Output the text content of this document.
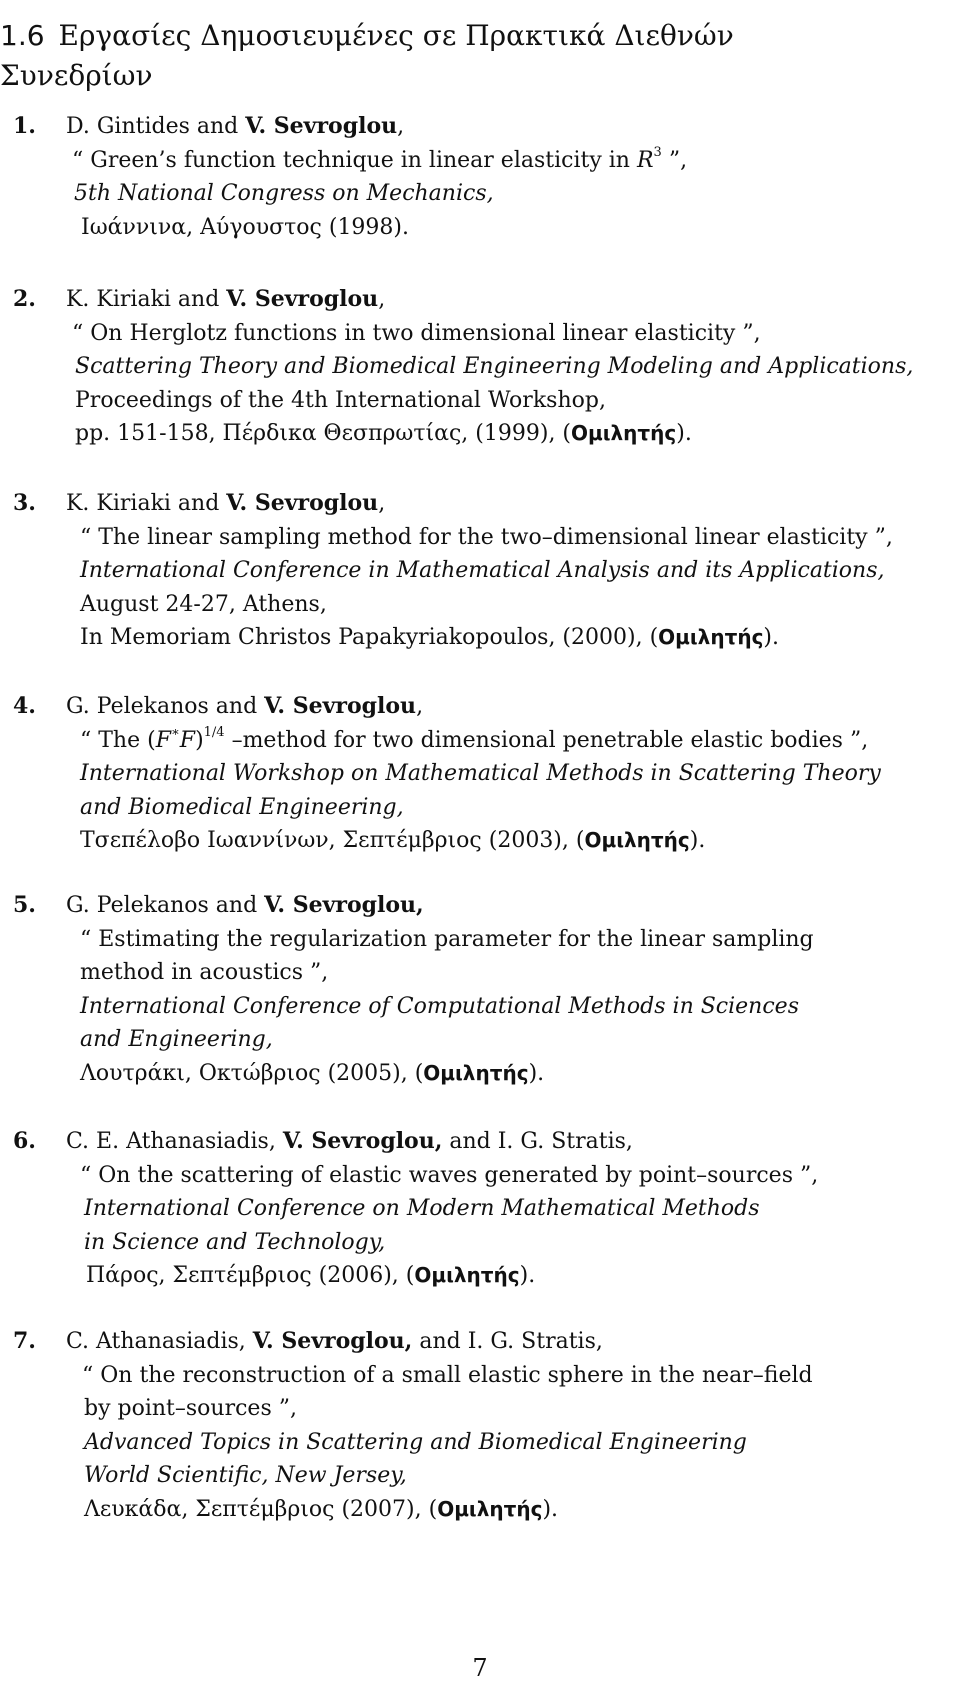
1.6 Εργασίες Δημοσιευμένες σε Πρακτικά Διεθνών
Συνεδρίων
1. D. Gintides and V. Sevroglou,
“ Green’s function technique in linear elasticity in $R^3$ ”,
5th National Congress on Mechanics,
Ιωάννινα, Αύγουστος (1998).
2. K. Kiriaki and V. Sevroglou,
“ On Herglotz functions in two dimensional linear elasticity ”,
Scattering Theory and Biomedical Engineering Modeling and Applications,
Proceedings of the 4th International Workshop,
pp. 151-158, Πέρδικα Θεσπρωτίας, (1999), (Ομιλητής).
3. K. Kiriaki and V. Sevroglou,
“ The linear sampling method for the two–dimensional linear elasticity ”,
International Conference in Mathematical Analysis and its Applications,
August 24-27, Athens,
In Memoriam Christos Papakyriakopoulos, (2000), (Ομιλητής).
4. G. Pelekanos and V. Sevroglou,
“ The $(F^∗F)^{1/4}$ –method for two dimensional penetrable elastic bodies ”,
International Workshop on Mathematical Methods in Scattering Theory
and Biomedical Engineering,
Τσεπέλοβο Ιωαννίνων, Σεπτέμβριος (2003), (Ομιλητής).
5. G. Pelekanos and V. Sevroglou,
“ Estimating the regularization parameter for the linear sampling
method in acoustics ”,
International Conference of Computational Methods in Sciences
and Engineering,
Λουτράκι, Οκτώβριος (2005), (Ομιλητής).
6. C. E. Athanasiadis, V. Sevroglou, and I. G. Stratis,
“ On the scattering of elastic waves generated by point–sources ”,
International Conference on Modern Mathematical Methods
in Science and Technology,
Πάρος, Σεπτέμβριος (2006), (Ομιλητής).
7. C. Athanasiadis, V. Sevroglou, and I. G. Stratis,
“ On the reconstruction of a small elastic sphere in the near–field
by point–sources ”,
Advanced Topics in Scattering and Biomedical Engineering
World Scientific, New Jersey,
Λευκάδα, Σεπτέμβριος (2007), (Ομιλητής).
7
